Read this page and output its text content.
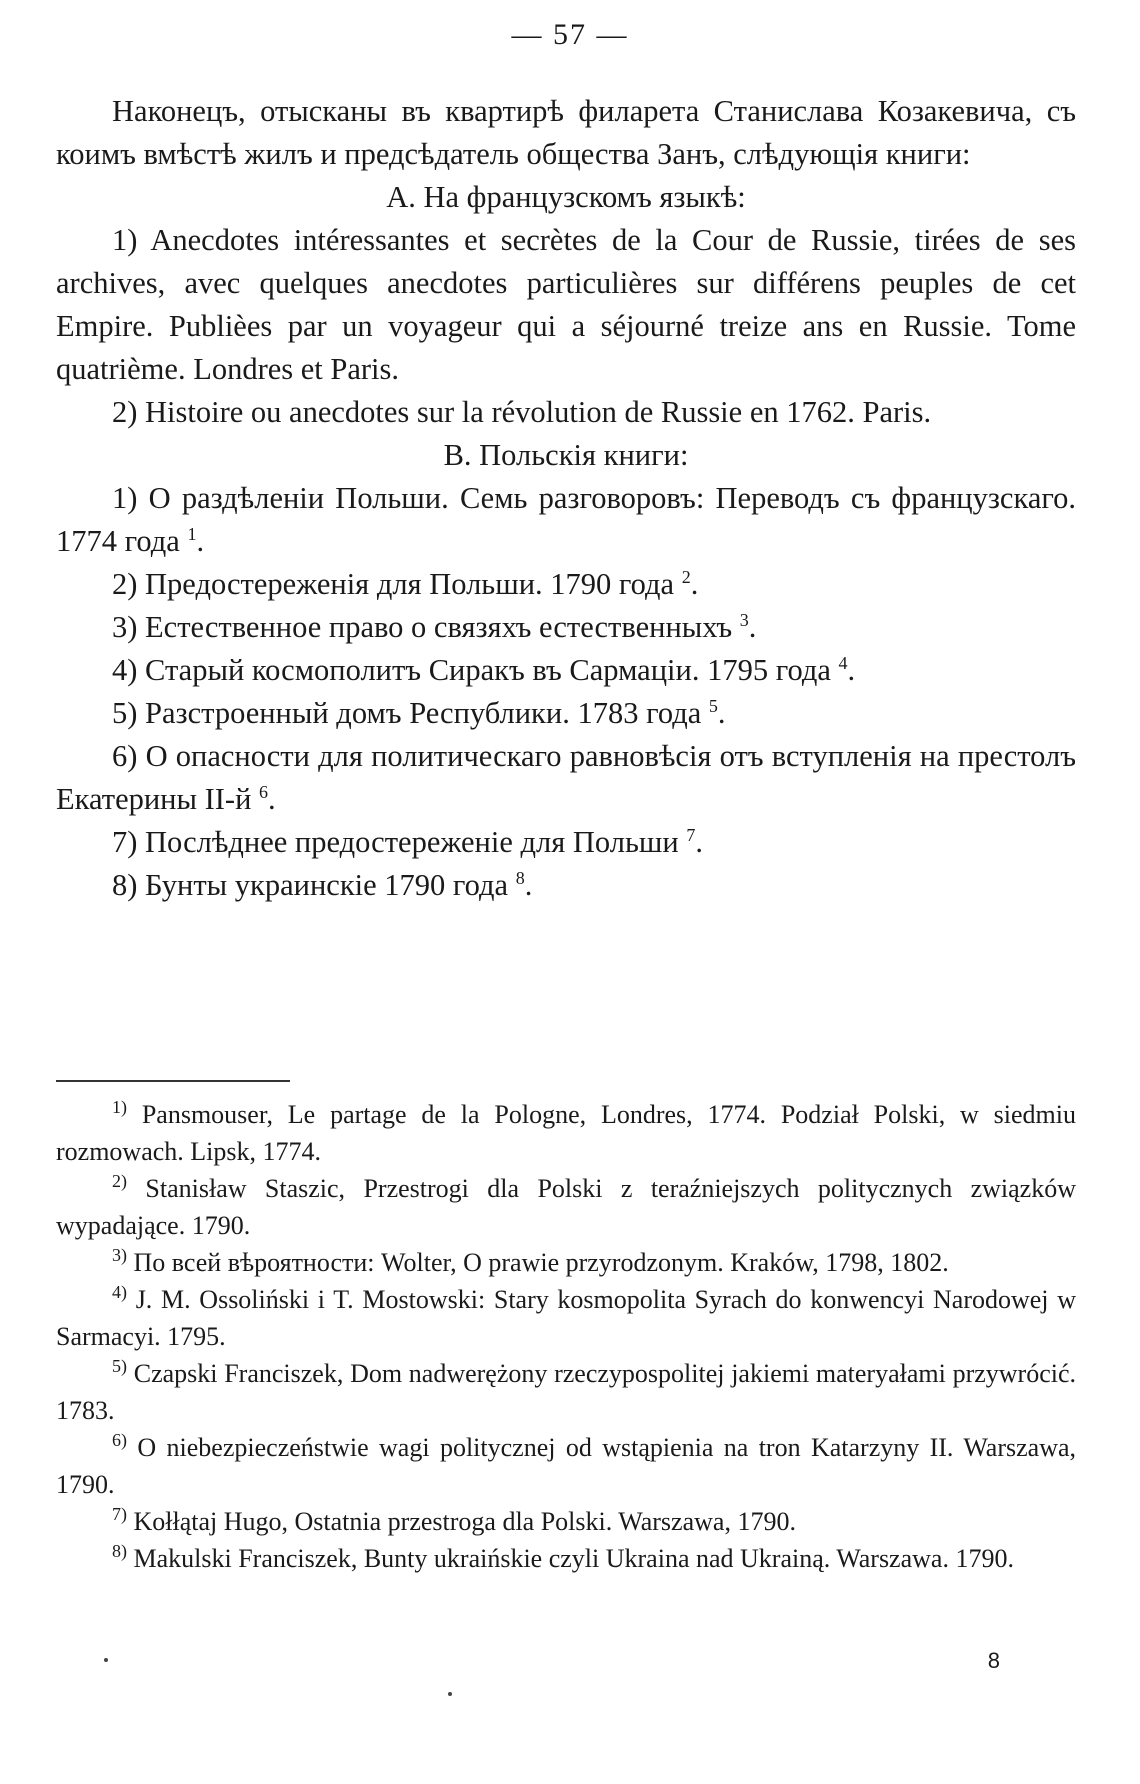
— 57 —

Наконецъ, отысканы въ квартирѣ филарета Станислава Козакевича, съ коимъ вмѣстѣ жилъ и предсѣдатель общества Занъ, слѣдующія книги:

А. На французскомъ языкѣ:

1) Anecdotes intéressantes et secrètes de la Cour de Russie, tirées de ses archives, avec quelques anecdotes particulières sur différens peuples de cet Empire. Publièes par un voyageur qui a séjourné treize ans en Russie. Tome quatrième. Londres et Paris.

2) Histoire ou anecdotes sur la révolution de Russie en 1762. Paris.

B. Польскія книги:

1) О раздѣленіи Польши. Семь разговоровъ: Переводъ съ французскаго. 1774 года $^1$.

2) Предостереженія для Польши. 1790 года $^2$.

3) Естественное право о связяхъ естественныхъ $^3$.

4) Старый космополитъ Сиракъ въ Сармаціи. 1795 года $^4$.

5) Разстроенный домъ Республики. 1783 года $^5$.

6) О опасности для политическаго равновѣсія отъ вступленія на престолъ Екатерины II-й $^6$.

7) Послѣднее предостереженіе для Польши $^7$.

8) Бунты украинскіе 1790 года $^8$.

1) Pansmouser, Le partage de la Pologne, Londres, 1774. Podział Polski, w siedmiu rozmowach. Lipsk, 1774.

2) Stanisław Staszic, Przestrogi dla Polski z teraźniejszych politycznych związków wypadające. 1790.

3) По всей вѣроятности: Wolter, O prawie przyrodzonym. Kraków, 1798, 1802.

4) J. M. Ossoliński i T. Mostowski: Stary kosmopolita Syrach do konwencyi Narodowej w Sarmacyi. 1795.

5) Czapski Franciszek, Dom nadwerężony rzeczypospolitej jakiemi materyałami przywrócić. 1783.

6) O niebezpieczeństwie wagi politycznej od wstąpienia na tron Katarzyny II. Warszawa, 1790.

7) Kołłątaj Hugo, Ostatnia przestroga dla Polski. Warszawa, 1790.

8) Makulski Franciszek, Bunty ukraińskie czyli Ukraina nad Ukrainą. Warszawa. 1790.

8
